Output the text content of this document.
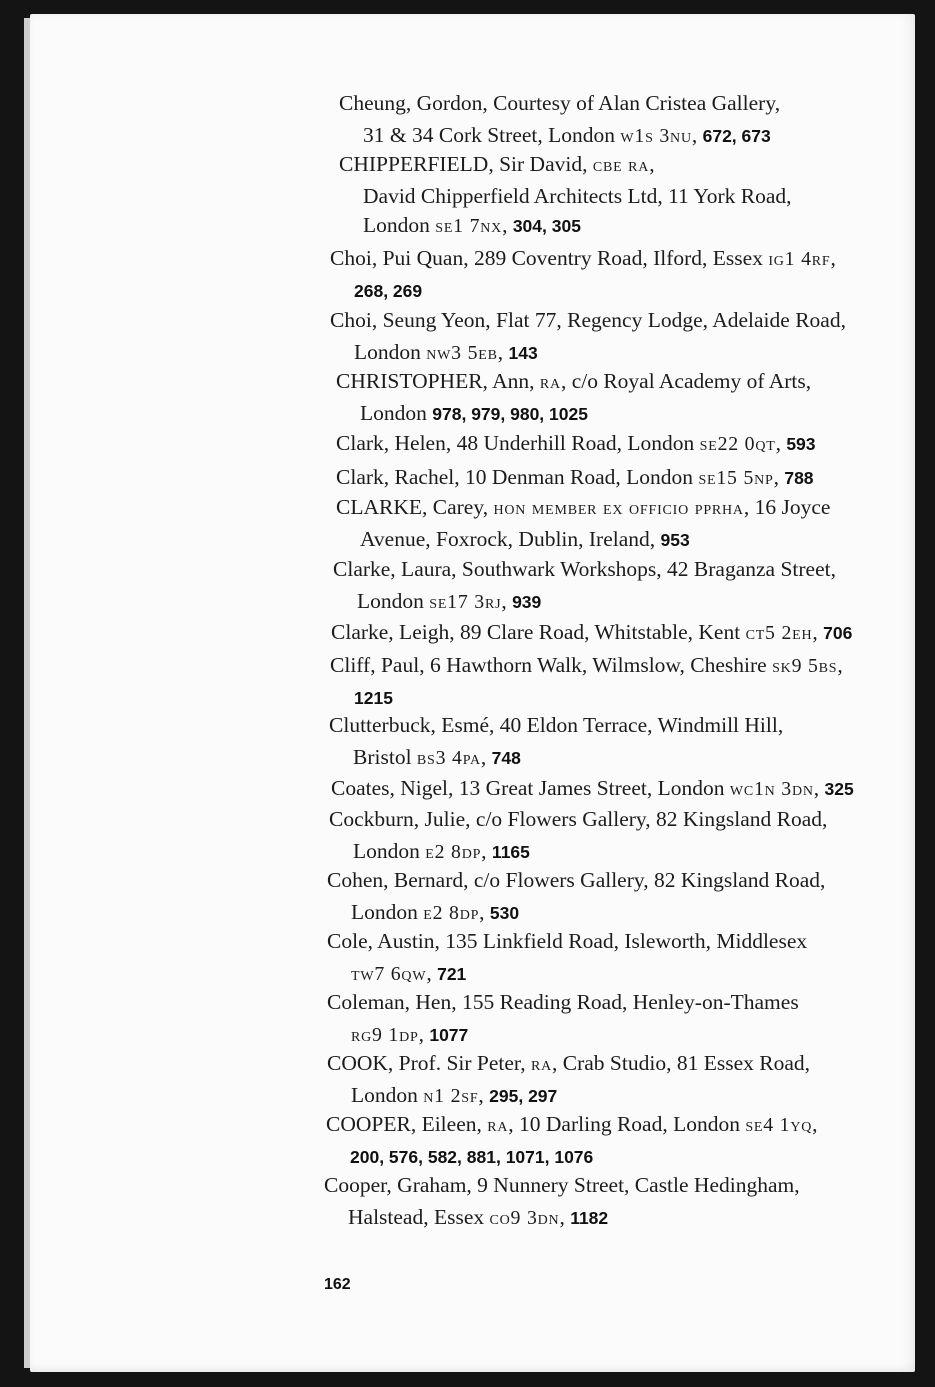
Cheung, Gordon, Courtesy of Alan Cristea Gallery,
31 & 34 Cork Street, London w1s 3nu, 672, 673

CHIPPERFIELD, Sir David, cbe ra,
David Chipperfield Architects Ltd, 11 York Road,

London se1 7nx, 304, 305

Choi, Pui Quan, 289 Coventry Road, Ilford, Essex ig1 4rf,
268, 269

Choi, Seung Yeon, Flat 77, Regency Lodge, Adelaide Road,
London nw3 5eb, 143

CHRISTOPHER, Ann, ra, c/o Royal Academy of Arts,
London 978, 979, 980, 1025

Clark, Helen, 48 Underhill Road, London se22 0qt, 593

Clark, Rachel, 10 Denman Road, London se15 5np, 788

CLARKE, Carey, hon member ex officio pprha, 16 Joyce
Avenue, Foxrock, Dublin, Ireland, 953

Clarke, Laura, Southwark Workshops, 42 Braganza Street,
London se17 3rj, 939

Clarke, Leigh, 89 Clare Road, Whitstable, Kent ct5 2eh, 706

Cliff, Paul, 6 Hawthorn Walk, Wilmslow, Cheshire sk9 5bs,
1215

Clutterbuck, Esmé, 40 Eldon Terrace, Windmill Hill,
Bristol bs3 4pa, 748

Coates, Nigel, 13 Great James Street, London wc1n 3dn, 325

Cockburn, Julie, c/o Flowers Gallery, 82 Kingsland Road,
London e2 8dp, 1165

Cohen, Bernard, c/o Flowers Gallery, 82 Kingsland Road,
London e2 8dp, 530

Cole, Austin, 135 Linkfield Road, Isleworth, Middlesex
tw7 6qw, 721

Coleman, Hen, 155 Reading Road, Henley-on-Thames
rg9 1dp, 1077

COOK, Prof. Sir Peter, ra, Crab Studio, 81 Essex Road,
London n1 2sf, 295, 297

COOPER, Eileen, ra, 10 Darling Road, London se4 1yq,
200, 576, 582, 881, 1071, 1076

Cooper, Graham, 9 Nunnery Street, Castle Hedingham,
Halstead, Essex co9 3dn, 1182

162
